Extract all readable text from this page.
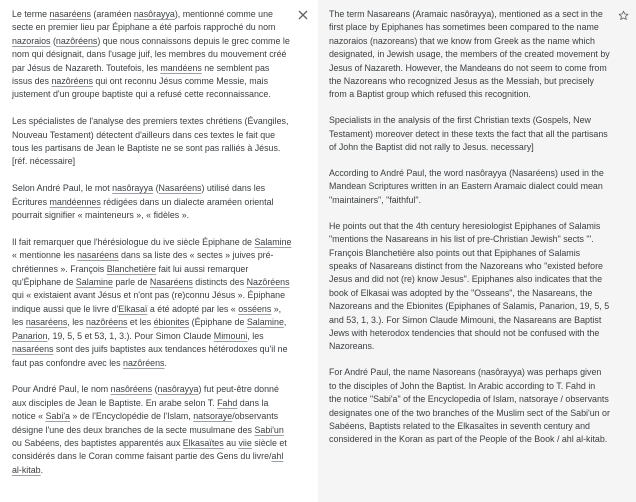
Le terme nasaréens (araméen nasôrayya), mentionné comme une secte en premier lieu par Épiphane a été parfois rapproché du nom nazoraios (nazôréens) que nous connaissons depuis le grec comme le nom qui désignait, dans l'usage juif, les membres du mouvement créé par Jésus de Nazareth. Toutefois, les mandéens ne semblent pas issus des nazôréens qui ont reconnu Jésus comme Messie, mais justement d'un groupe baptiste qui a refusé cette reconnaissance.

Les spécialistes de l'analyse des premiers textes chrétiens (Évangiles, Nouveau Testament) détectent d'ailleurs dans ces textes le fait que tous les partisans de Jean le Baptiste ne se sont pas ralliés à Jésus. [réf. nécessaire]

Selon André Paul, le mot nasôrayya (Nasaréens) utilisé dans les Écritures mandéennes rédigées dans un dialecte araméen oriental pourrait signifier « mainteneurs », « fidèles ».

Il fait remarquer que l'hérésiologue du ive siècle Épiphane de Salamine « mentionne les nasaréens dans sa liste des « sectes » juives pré-chrétiennes ». François Blanchetière fait lui aussi remarquer qu'Épiphane de Salamine parle de Nasaréens distincts des Nazôréens qui « existaient avant Jésus et n'ont pas (re)connu Jésus ». Épiphane indique aussi que le livre d'Elkasaï a été adopté par les « osséens », les nasaréens, les nazôréens et les ébionites (Épiphane de Salamine, Panarion, 19, 5, 5 et 53, 1, 3.). Pour Simon Claude Mimouni, les nasaréens sont des juifs baptistes aux tendances hétérodoxes qu'il ne faut pas confondre avec les nazôréens.

Pour André Paul, le nom nasôréens (nasôrayya) fut peut-être donné aux disciples de Jean le Baptiste. En arabe selon T. Fahd dans la notice « Sabi'a » de l'Encyclopédie de l'Islam, natsoraye/observants désigne l'une des deux branches de la secte musulmane des Sabi'un ou Sabéens, des baptistes apparentés aux Elkasaïtes au viie siècle et considérés dans le Coran comme faisant partie des Gens du livre/ahl al-kitab.

The term Nasareans (Aramaic nasôrayya), mentioned as a sect in the first place by Epiphanes has sometimes been compared to the name nazoraios (nazoreans) that we know from Greek as the name which designated, in Jewish usage, the members of the created movement by Jesus of Nazareth. However, the Mandeans do not seem to come from the Nazoreans who recognized Jesus as the Messiah, but precisely from a Baptist group which refused this recognition.

Specialists in the analysis of the first Christian texts (Gospels, New Testament) moreover detect in these texts the fact that all the partisans of John the Baptist did not rally to Jesus. necessary]

According to André Paul, the word nasôrayya (Nasaréens) used in the Mandean Scriptures written in an Eastern Aramaic dialect could mean "maintainers", "faithful".

He points out that the 4th century heresiologist Epiphanes of Salamis "mentions the Nasareans in his list of pre-Christian Jewish" sects "'. François Blanchetière also points out that Epiphanes of Salamis speaks of Nasareans distinct from the Nazoreans who "existed before Jesus and did not (re) know Jesus". Epiphanes also indicates that the book of Elkasai was adopted by the "Osseans", the Nasareans, the Nazoreans and the Ebionites (Epiphanes of Salamis, Panarion, 19, 5, 5 and 53, 1, 3.). For Simon Claude Mimouni, the Nasareans are Baptist Jews with heterodox tendencies that should not be confused with the Nazoreans.

For André Paul, the name Nasoreans (nasôrayya) was perhaps given to the disciples of John the Baptist. In Arabic according to T. Fahd in the notice "Sabi'a" of the Encyclopedia of Islam, natsoraye / observants designates one of the two branches of the Muslim sect of the Sabi'un or Sabéens, Baptists related to the Elkasaïtes in seventh century and considered in the Koran as part of the People of the Book / ahl al-kitab.
